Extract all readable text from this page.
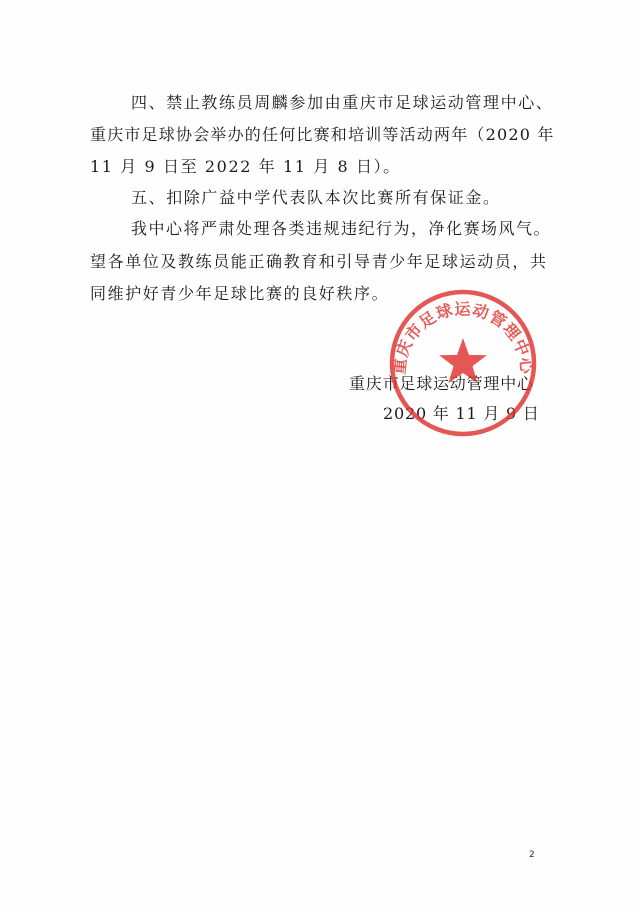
四、禁止教练员周麟参加由重庆市足球运动管理中心、
重庆市足球协会举办的任何比赛和培训等活动两年（2020 年
11 月 9 日至 2022 年 11 月 8 日）。
五、扣除广益中学代表队本次比赛所有保证金。
我中心将严肃处理各类违规违纪行为，净化赛场风气。
望各单位及教练员能正确教育和引导青少年足球运动员，共
同维护好青少年足球比赛的良好秩序。
重庆市足球运动管理中心
2020 年 11 月 9 日
重庆市足球运动管理中心
2
